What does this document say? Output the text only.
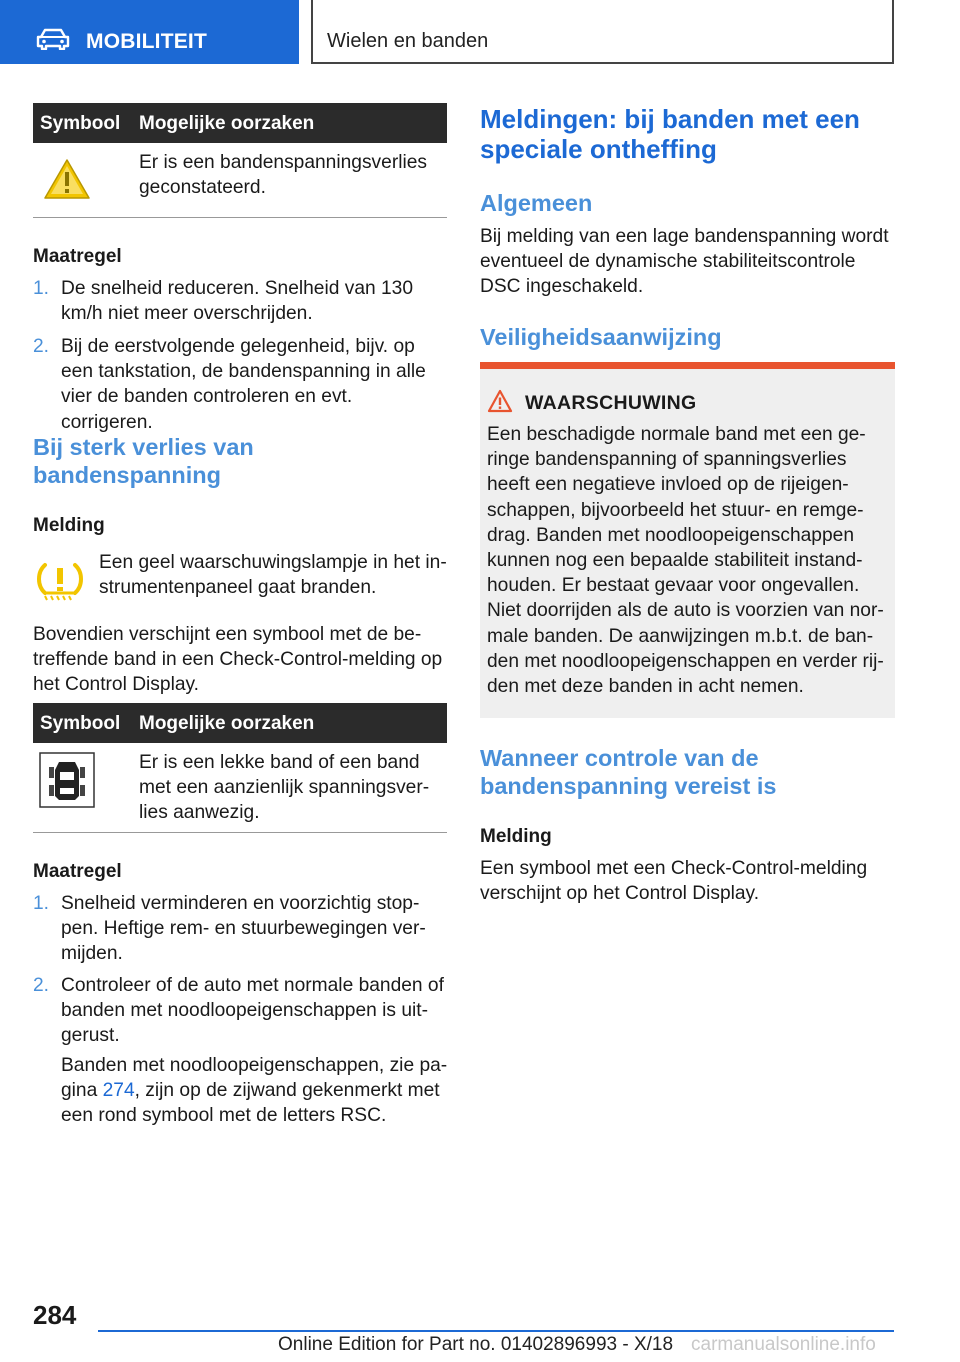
MOBILITEIT	Wielen en banden
Symbool Mogelijke oorzaken
Er is een bandenspanningsverlies geconstateerd.
Maatregel
1. De snelheid reduceren. Snelheid van 130 km/h niet meer overschrijden.
2. Bij de eerstvolgende gelegenheid, bijv. op een tankstation, de bandenspanning in alle vier de banden controleren en evt. corrigeren.
Bij sterk verlies van bandenspanning
Melding
Een geel waarschuwingslampje in het instrumentenpaneel gaat branden.
Bovendien verschijnt een symbool met de betreffende band in een Check-Control-melding op het Control Display.
Symbool Mogelijke oorzaken
Er is een lekke band of een band met een aanzienlijk spanningsverlies aanwezig.
Maatregel
1. Snelheid verminderen en voorzichtig stoppen. Heftige rem- en stuurbewegingen vermijden.
2. Controleer of de auto met normale banden of banden met noodloopeigenschappen is uitgerust.
Banden met noodloopeigenschappen, zie pagina 274, zijn op de zijwand gekenmerkt met een rond symbool met de letters RSC.
Meldingen: bij banden met een speciale ontheffing
Algemeen
Bij melding van een lage bandenspanning wordt eventueel de dynamische stabiliteitscontrole DSC ingeschakeld.
Veiligheidsaanwijzing
WAARSCHUWING
Een beschadigde normale band met een geringe bandenspanning of spanningsverlies heeft een negatieve invloed op de rijeigenschappen, bijvoorbeeld het stuur- en remgedrag. Banden met noodloopeigenschappen kunnen nog een bepaalde stabiliteit instandhouden. Er bestaat gevaar voor ongevallen. Niet doorrijden als de auto is voorzien van normale banden. De aanwijzingen m.b.t. de banden met noodloopeigenschappen en verder rijden met deze banden in acht nemen.
Wanneer controle van de bandenspanning vereist is
Melding
Een symbool met een Check-Control-melding verschijnt op het Control Display.
284
Online Edition for Part no. 01402896993 - X/18 carmanualsonline.info
